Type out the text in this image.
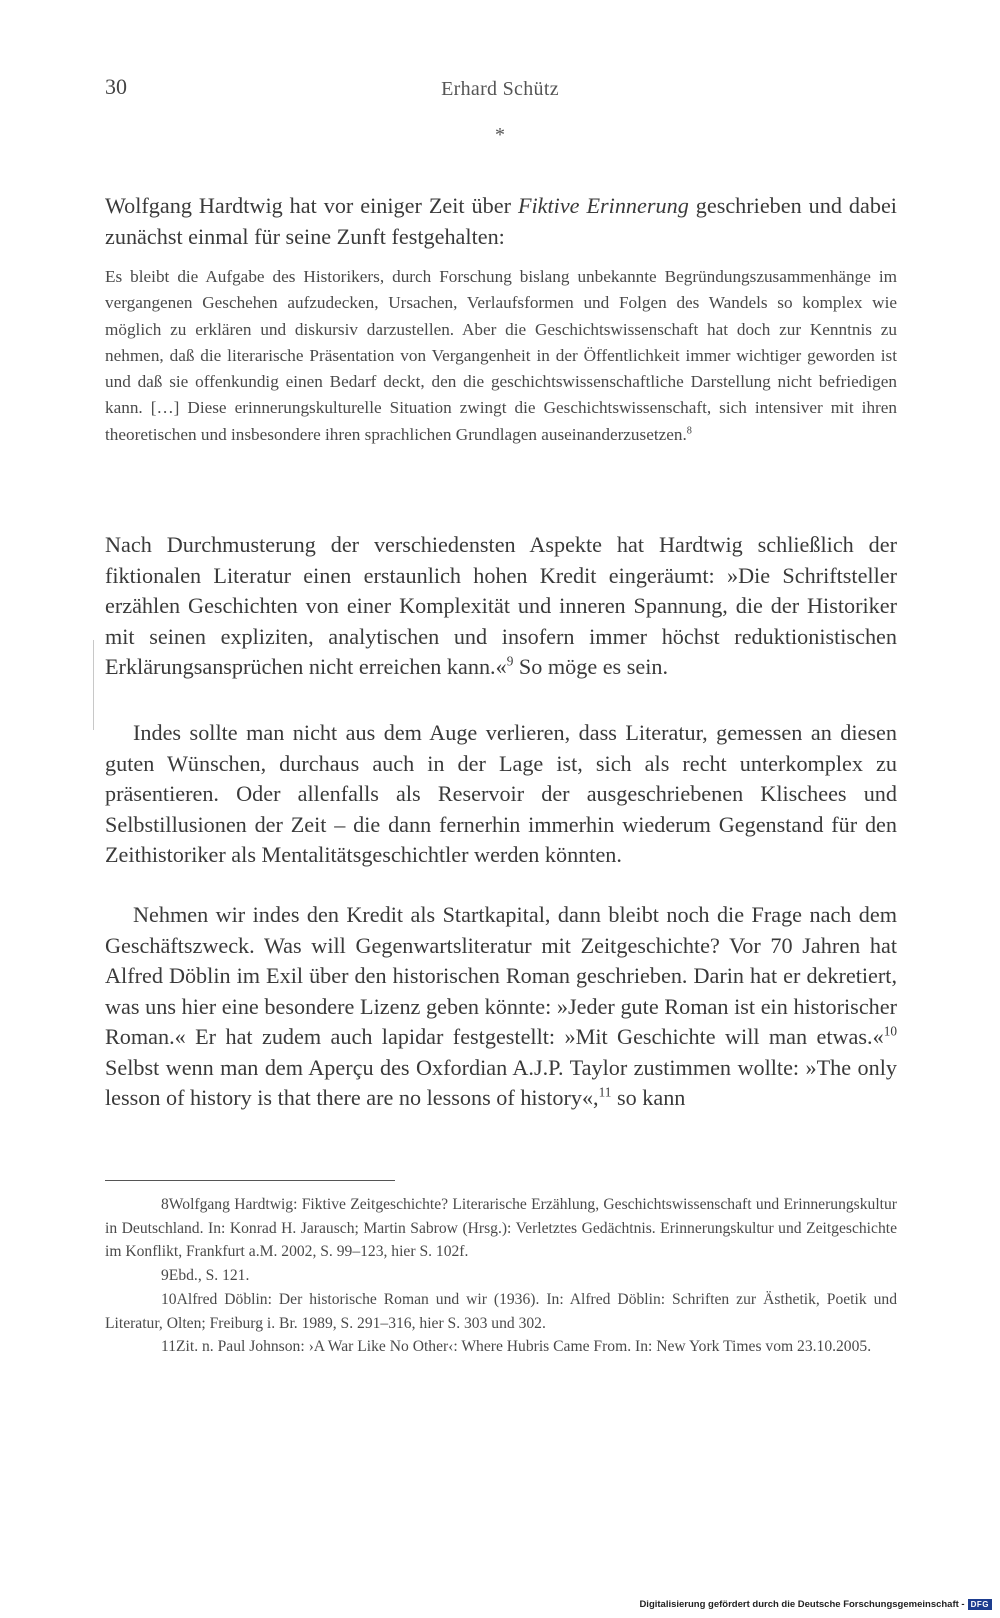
30	Erhard Schütz
*
Wolfgang Hardtwig hat vor einiger Zeit über Fiktive Erinnerung geschrieben und dabei zunächst einmal für seine Zunft festgehalten:
Es bleibt die Aufgabe des Historikers, durch Forschung bislang unbekannte Begründungszusammenhänge im vergangenen Geschehen aufzudecken, Ursachen, Verlaufsformen und Folgen des Wandels so komplex wie möglich zu erklären und diskursiv darzustellen. Aber die Geschichtswissenschaft hat doch zur Kenntnis zu nehmen, daß die literarische Präsentation von Vergangenheit in der Öffentlichkeit immer wichtiger geworden ist und daß sie offenkundig einen Bedarf deckt, den die geschichtswissenschaftliche Darstellung nicht befriedigen kann. […] Diese erinnerungskulturelle Situation zwingt die Geschichtswissenschaft, sich intensiver mit ihren theoretischen und insbesondere ihren sprachlichen Grundlagen auseinanderzusetzen.$^8$
Nach Durchmusterung der verschiedensten Aspekte hat Hardtwig schließlich der fiktionalen Literatur einen erstaunlich hohen Kredit eingeräumt: »Die Schriftsteller erzählen Geschichten von einer Komplexität und inneren Spannung, die der Historiker mit seinen expliziten, analytischen und insofern immer höchst reduktionistischen Erklärungsansprüchen nicht erreichen kann.«$^9$ So möge es sein.
Indes sollte man nicht aus dem Auge verlieren, dass Literatur, gemessen an diesen guten Wünschen, durchaus auch in der Lage ist, sich als recht unterkomplex zu präsentieren. Oder allenfalls als Reservoir der ausgeschriebenen Klischees und Selbstillusionen der Zeit – die dann fernerhin immerhin wiederum Gegenstand für den Zeithistoriker als Mentalitätsgeschichtler werden könnten.
Nehmen wir indes den Kredit als Startkapital, dann bleibt noch die Frage nach dem Geschäftszweck. Was will Gegenwartsliteratur mit Zeitgeschichte? Vor 70 Jahren hat Alfred Döblin im Exil über den historischen Roman geschrieben. Darin hat er dekretiert, was uns hier eine besondere Lizenz geben könnte: »Jeder gute Roman ist ein historischer Roman.« Er hat zudem auch lapidar festgestellt: »Mit Geschichte will man etwas.«$^{10}$ Selbst wenn man dem Aperçu des Oxfordian A.J.P. Taylor zustimmen wollte: »The only lesson of history is that there are no lessons of history«,$^{11}$ so kann

8Wolfgang Hardtwig: Fiktive Zeitgeschichte? Literarische Erzählung, Geschichtswissenschaft und Erinnerungskultur in Deutschland. In: Konrad H. Jarausch; Martin Sabrow (Hrsg.): Verletztes Gedächtnis. Erinnerungskultur und Zeitgeschichte im Konflikt, Frankfurt a.M. 2002, S. 99–123, hier S. 102f.

9Ebd., S. 121.

10Alfred Döblin: Der historische Roman und wir (1936). In: Alfred Döblin: Schriften zur Ästhetik, Poetik und Literatur, Olten; Freiburg i. Br. 1989, S. 291–316, hier S. 303 und 302.

11Zit. n. Paul Johnson: ›A War Like No Other‹: Where Hubris Came From. In: New York Times vom 23.10.2005.

Digitalisierung gefördert durch die Deutsche Forschungsgemeinschaft - DFG
